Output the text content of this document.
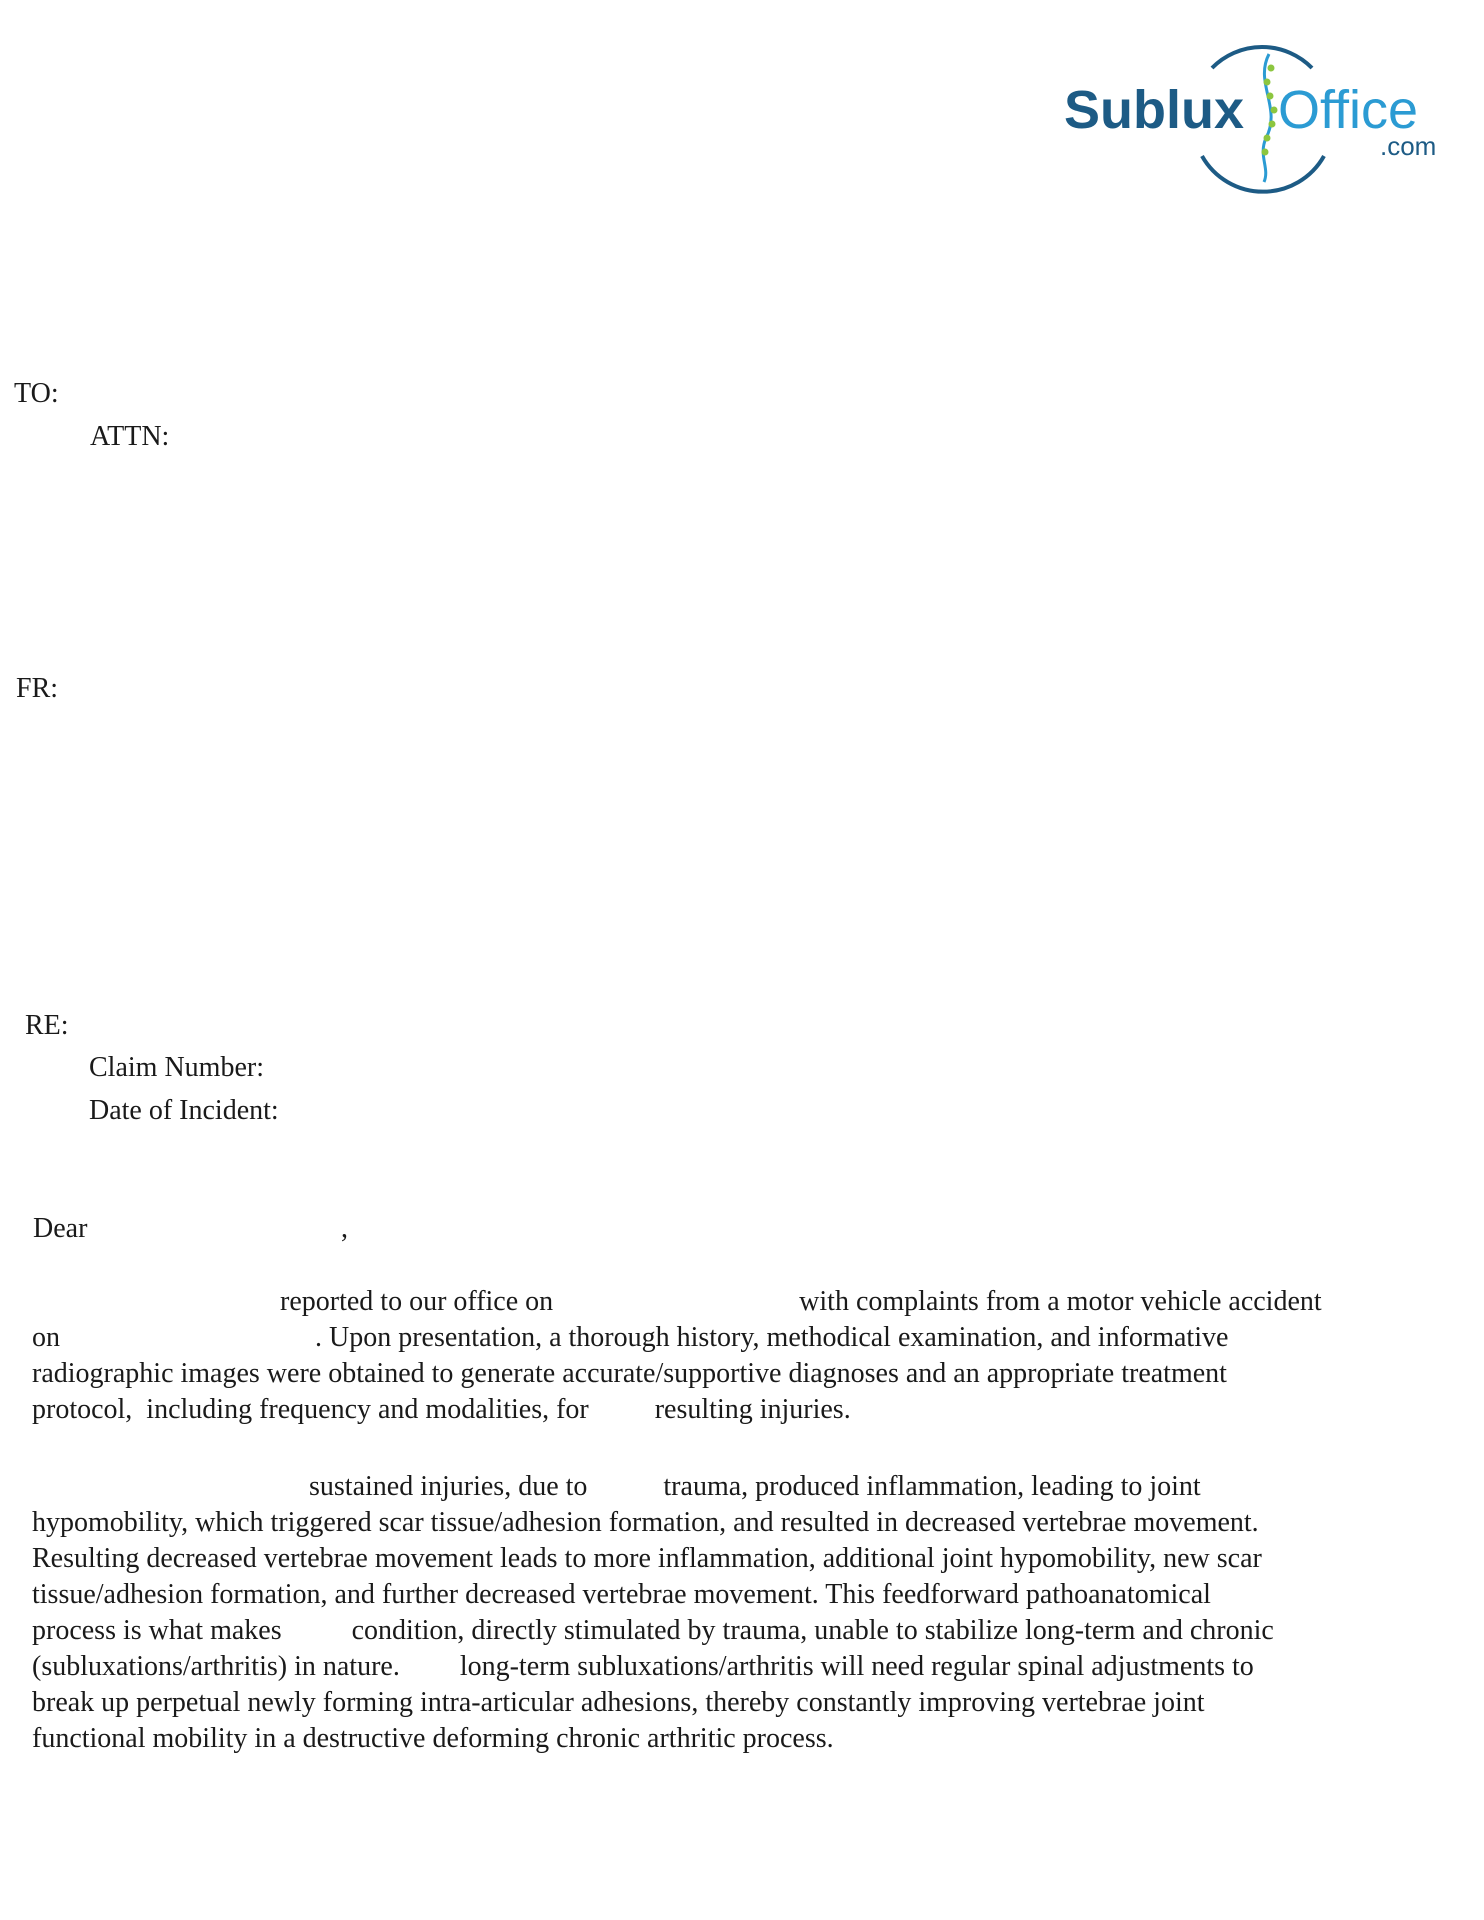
Sublux Office
.com
TO:
ATTN:
FR:
RE:
Claim Number:
Date of Incident:
Dear	,
reported to our office on	with complaints from a motor vehicle accident
on	. Upon presentation, a thorough history, methodical examination, and informative
radiographic images were obtained to generate accurate/supportive diagnoses and an appropriate treatment
protocol,  including frequency and modalities, for resulting injuries.
sustained injuries, due to	trauma, produced inflammation, leading to joint
hypomobility, which triggered scar tissue/adhesion formation, and resulted in decreased vertebrae movement.
Resulting decreased vertebrae movement leads to more inflammation, additional joint hypomobility, new scar
tissue/adhesion formation, and further decreased vertebrae movement. This feedforward pathoanatomical
process is what makes	condition, directly stimulated by trauma, unable to stabilize long-term and chronic
(subluxations/arthritis) in nature. long-term subluxations/arthritis will need regular spinal adjustments to
break up perpetual newly forming intra-articular adhesions, thereby constantly improving vertebrae joint
functional mobility in a destructive deforming chronic arthritic process.
